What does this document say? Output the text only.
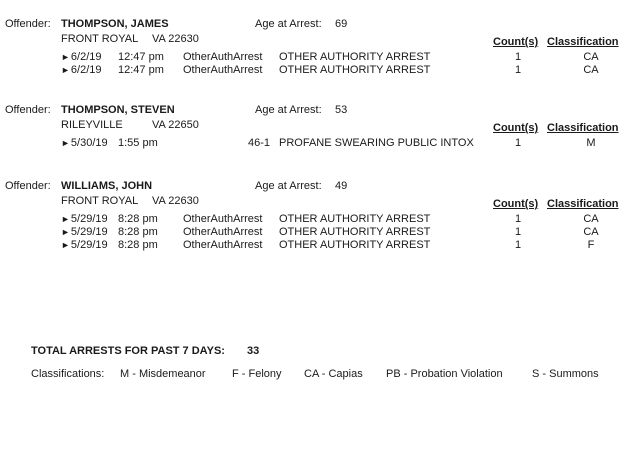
Offender: THOMPSON, JAMES	Age at Arrest: 69
FRONT ROYAL VA 22630	Count(s) Classification
►6/2/19 12:47 pm OtherAuthArrest OTHER AUTHORITY ARREST	1	CA
►6/2/19 12:47 pm OtherAuthArrest OTHER AUTHORITY ARREST	1	CA
Offender: THOMPSON, STEVEN	Age at Arrest: 53
RILEYVILLE	VA 22650	Count(s) Classification
►5/30/19 1:55 pm	46-1 PROFANE SWEARING PUBLIC INTOX	1	M
Offender: WILLIAMS, JOHN	Age at Arrest: 49
FRONT ROYAL VA 22630	Count(s) Classification
►5/29/19 8:28 pm OtherAuthArrest OTHER AUTHORITY ARREST	1	CA
►5/29/19 8:28 pm OtherAuthArrest OTHER AUTHORITY ARREST	1	CA
►5/29/19 8:28 pm OtherAuthArrest OTHER AUTHORITY ARREST	1	F
TOTAL ARRESTS FOR PAST 7 DAYS: 33
Classifications: M - Misdemeanor F - Felony CA - Capias PB - Probation Violation	S - Summons
